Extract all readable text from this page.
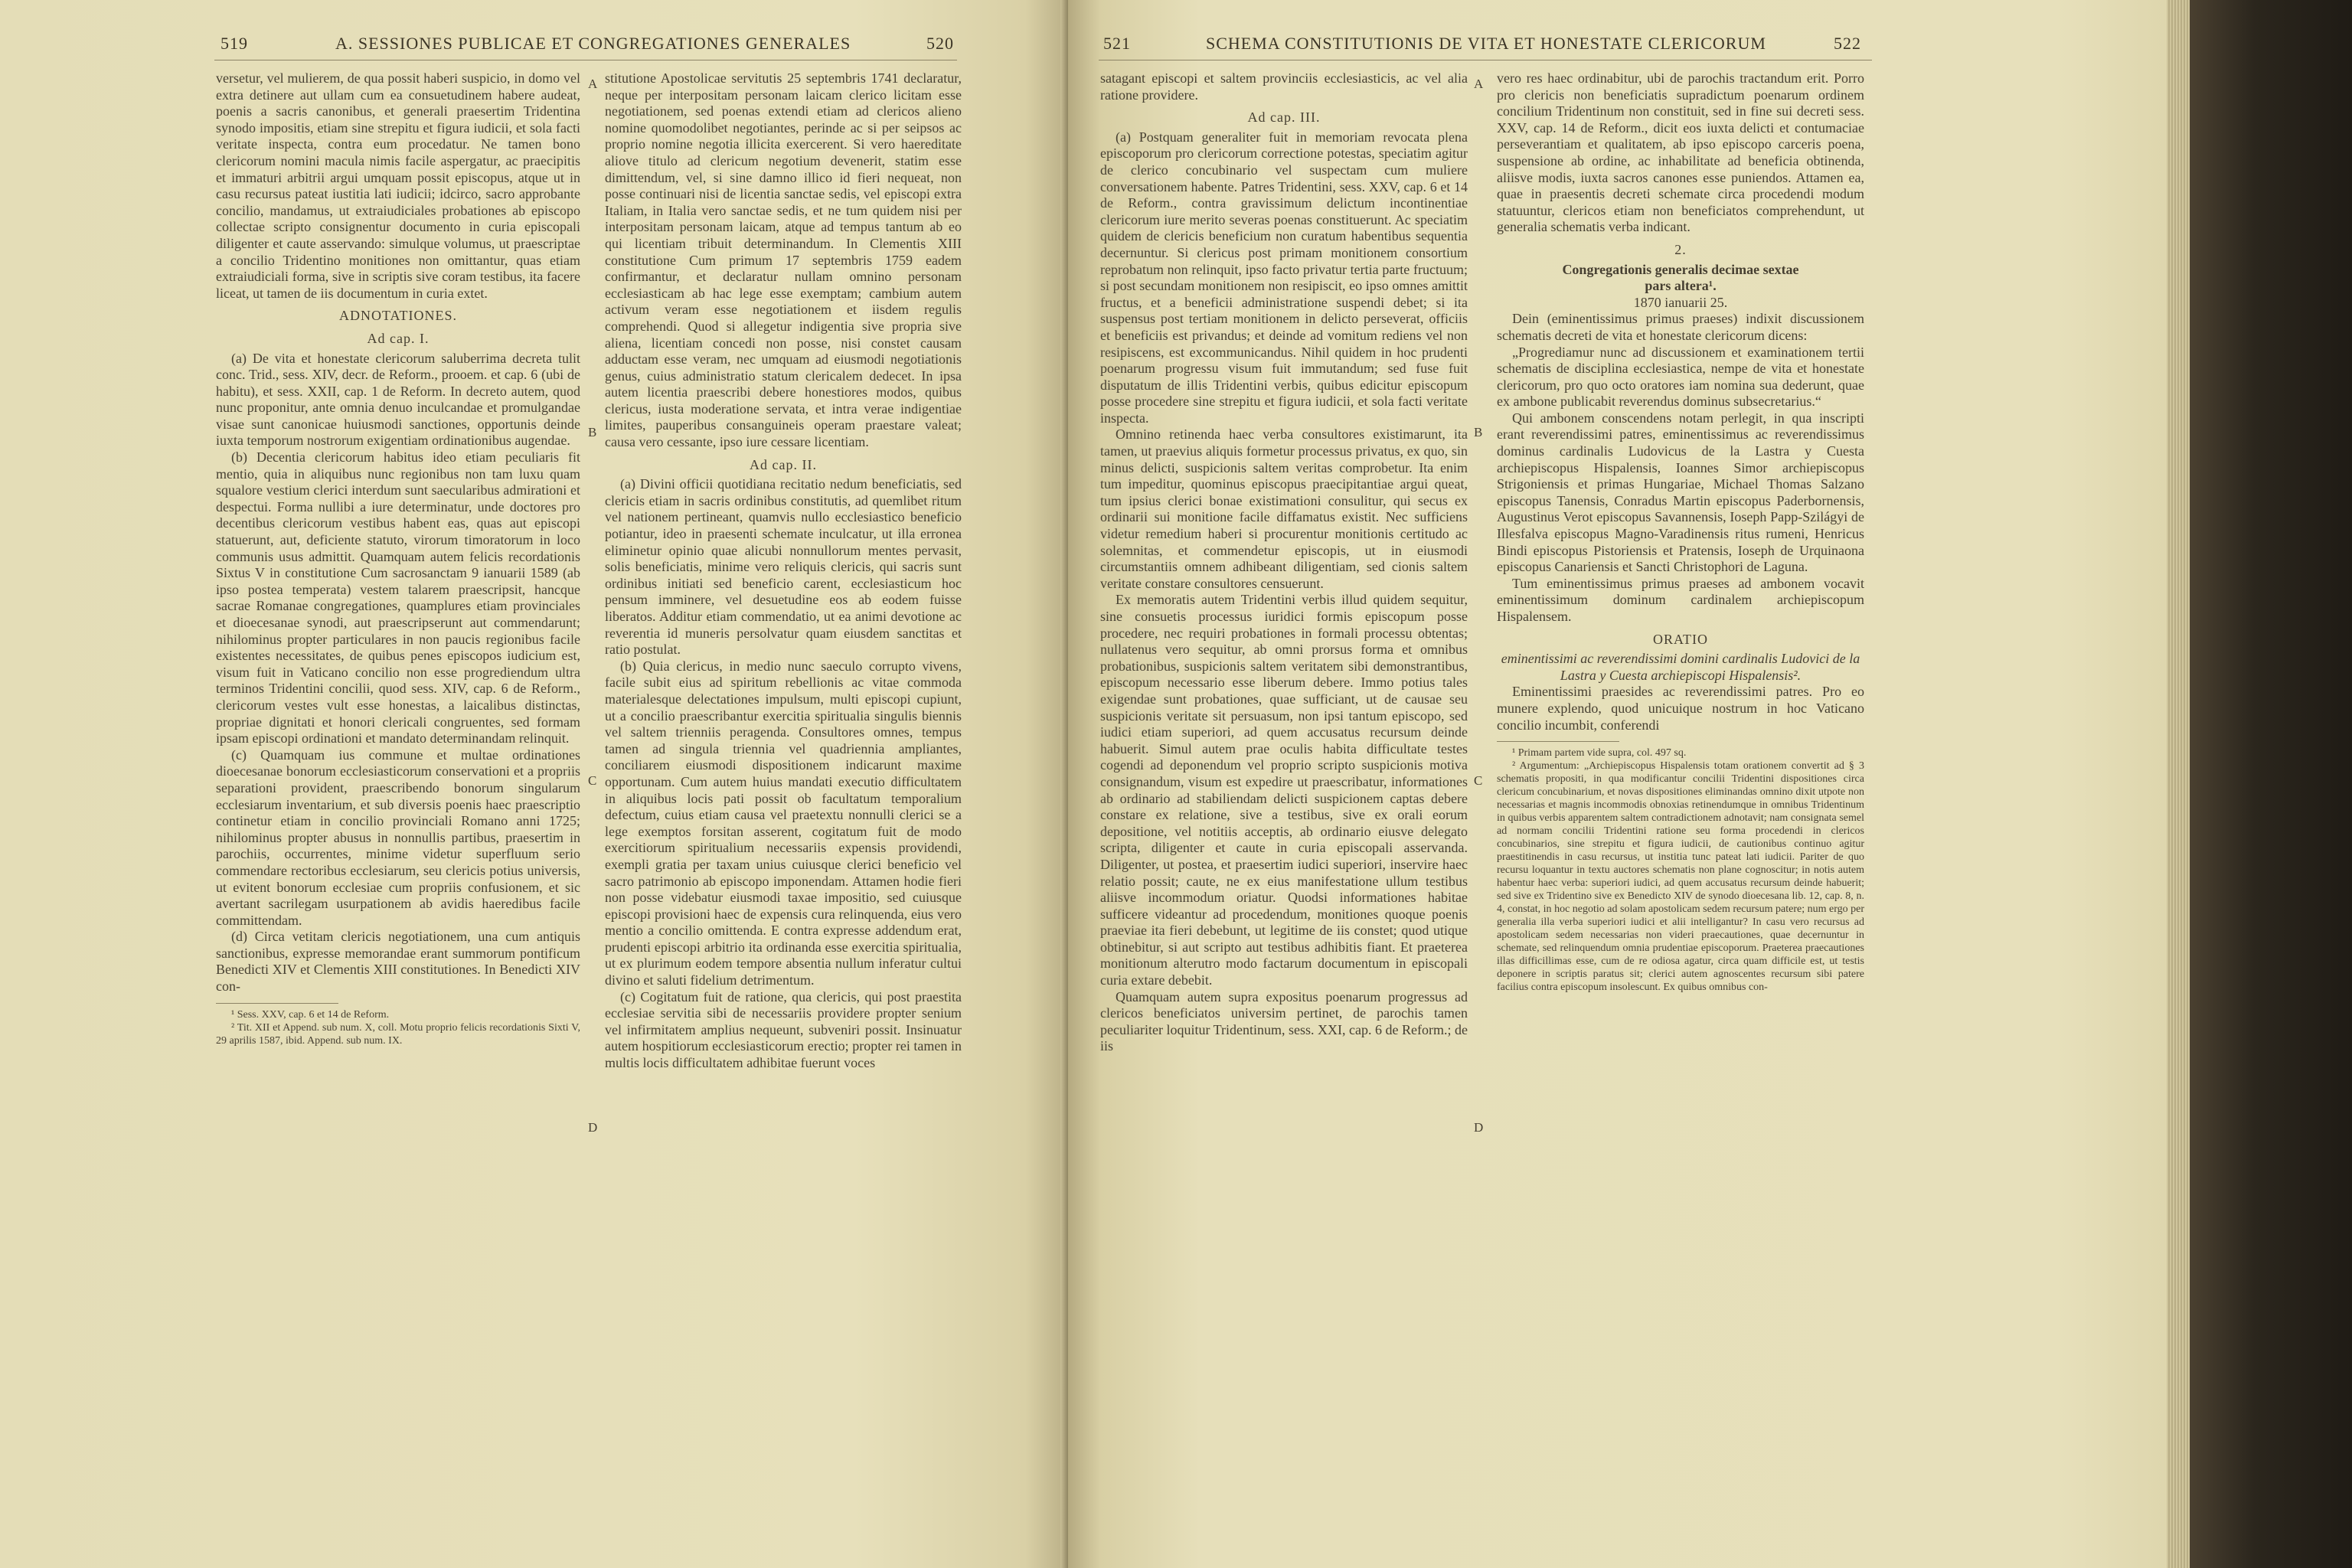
519	A. SESSIONES PUBLICAE ET CONGREGATIONES GENERALES	520

versetur, vel mulierem, de qua possit haberi suspicio, in domo vel extra detinere aut ullam cum ea consuetudinem habere audeat, poenis a sacris canonibus, et generali praesertim Tridentina synodo impositis, etiam sine strepitu et figura iudicii, et sola facti veritate inspecta, contra eum procedatur. Ne tamen bono clericorum nomini macula nimis facile aspergatur, ac praecipitis et immaturi arbitrii argui umquam possit episcopus, atque ut in casu recursus pateat iustitia lati iudicii; idcirco, sacro approbante concilio, mandamus, ut extraiudiciales probationes ab episcopo collectae scripto consignentur documento in curia episcopali diligenter et caute asservando: simulque volumus, ut praescriptae a concilio Tridentino monitiones non omittantur, quas etiam extraiudiciali forma, sive in scriptis sive coram testibus, ita facere liceat, ut tamen de iis documentum in curia extet.

ADNOTATIONES.
Ad cap. I.

(a) De vita et honestate clericorum saluberrima decreta tulit conc. Trid., sess. XIV, decr. de Reform., prooem. et cap. 6 (ubi de habitu), et sess. XXII, cap. 1 de Reform. In decreto autem, quod nunc proponitur, ante omnia denuo inculcandae et promulgandae visae sunt canonicae huiusmodi sanctiones, opportunis deinde iuxta temporum nostrorum exigentiam ordinationibus augendae.

(b) Decentia clericorum habitus ideo etiam peculiaris fit mentio, quia in aliquibus nunc regionibus non tam luxu quam squalore vestium clerici interdum sunt saecularibus admirationi et despectui. Forma nullibi a iure determinatur, unde doctores pro decentibus clericorum vestibus habent eas, quas aut episcopi statuerunt, aut, deficiente statuto, virorum timoratorum in loco communis usus admittit. Quamquam autem felicis recordationis Sixtus V in constitutione Cum sacrosanctam 9 ianuarii 1589 (ab ipso postea temperata) vestem talarem praescripsit, hancque sacrae Romanae congregationes, quamplures etiam provinciales et dioecesanae synodi, aut praescripserunt aut commendarunt; nihilominus propter particulares in non paucis regionibus facile existentes necessitates, de quibus penes episcopos iudicium est, visum fuit in Vaticano concilio non esse progrediendum ultra terminos Tridentini concilii, quod sess. XIV, cap. 6 de Reform., clericorum vestes vult esse honestas, a laicalibus distinctas, propriae dignitati et honori clericali congruentes, sed formam ipsam episcopi ordinationi et mandato determinandam relinquit.

(c) Quamquam ius commune et multae ordinationes dioecesanae bonorum ecclesiasticorum conservationi et a propriis separationi provident, praescribendo bonorum singularum ecclesiarum inventarium, et sub diversis poenis haec praescriptio continetur etiam in concilio provinciali Romano anni 1725; nihilominus propter abusus in nonnullis partibus, praesertim in parochiis, occurrentes, minime videtur superfluum serio commendare rectoribus ecclesiarum, seu clericis potius universis, ut evitent bonorum ecclesiae cum propriis confusionem, et sic avertant sacrilegam usurpationem ab avidis haeredibus facile committendam.

(d) Circa vetitam clericis negotiationem, una cum antiquis sanctionibus, expresse memorandae erant summorum pontificum Benedicti XIV et Clementis XIII constitutiones. In Benedicti XIV con-

¹ Sess. XXV, cap. 6 et 14 de Reform.

² Tit. XII et Append. sub num. X, coll. Motu proprio felicis recordationis Sixti V, 29 aprilis 1587, ibid. Append. sub num. IX.

stitutione Apostolicae servitutis 25 septembris 1741 declaratur, neque per interpositam personam laicam clerico licitam esse negotiationem, sed poenas extendi etiam ad clericos alieno nomine quomodolibet negotiantes, perinde ac si per seipsos ac proprio nomine negotia illicita exercerent. Si vero haereditate aliove titulo ad clericum negotium devenerit, statim esse dimittendum, vel, si sine damno illico id fieri nequeat, non posse continuari nisi de licentia sanctae sedis, vel episcopi extra Italiam, in Italia vero sanctae sedis, et ne tum quidem nisi per interpositam personam laicam, atque ad tempus tantum ab eo qui licentiam tribuit determinandum. In Clementis XIII constitutione Cum primum 17 septembris 1759 eadem confirmantur, et declaratur nullam omnino personam ecclesiasticam ab hac lege esse exemptam; cambium autem activum veram esse negotiationem et iisdem regulis comprehendi. Quod si allegetur indigentia sive propria sive aliena, licentiam concedi non posse, nisi constet causam adductam esse veram, nec umquam ad eiusmodi negotiationis genus, cuius administratio statum clericalem dedecet. In ipsa autem licentia praescribi debere honestiores modos, quibus clericus, iusta moderatione servata, et intra verae indigentiae limites, pauperibus consanguineis operam praestare valeat; causa vero cessante, ipso iure cessare licentiam.

Ad cap. II.

(a) Divini officii quotidiana recitatio nedum beneficiatis, sed clericis etiam in sacris ordinibus constitutis, ad quemlibet ritum vel nationem pertineant, quamvis nullo ecclesiastico beneficio potiantur, ideo in praesenti schemate inculcatur, ut illa erronea eliminetur opinio quae alicubi nonnullorum mentes pervasit, solis beneficiatis, minime vero reliquis clericis, qui sacris sunt ordinibus initiati sed beneficio carent, ecclesiasticum hoc pensum imminere, vel desuetudine eos ab eodem fuisse liberatos. Additur etiam commendatio, ut ea animi devotione ac reverentia id muneris persolvatur quam eiusdem sanctitas et ratio postulat.

(b) Quia clericus, in medio nunc saeculo corrupto vivens, facile subit eius ad spiritum rebellionis ac vitae commoda materialesque delectationes impulsum, multi episcopi cupiunt, ut a concilio praescribantur exercitia spiritualia singulis biennis vel saltem trienniis peragenda. Consultores omnes, tempus tamen ad singula triennia vel quadriennia ampliantes, conciliarem eiusmodi dispositionem indicarunt maxime opportunam. Cum autem huius mandati executio difficultatem in aliquibus locis pati possit ob facultatum temporalium defectum, cuius etiam causa vel praetextu nonnulli clerici se a lege exemptos forsitan asserent, cogitatum fuit de modo exercitiorum spiritualium necessariis expensis providendi, exempli gratia per taxam unius cuiusque clerici beneficio vel sacro patrimonio ab episcopo imponendam. Attamen hodie fieri non posse videbatur eiusmodi taxae impositio, sed cuiusque episcopi provisioni haec de expensis cura relinquenda, eius vero mentio a concilio omittenda. E contra expresse addendum erat, prudenti episcopi arbitrio ita ordinanda esse exercitia spiritualia, ut ex plurimum eodem tempore absentia nullum inferatur cultui divino et saluti fidelium detrimentum.

(c) Cogitatum fuit de ratione, qua clericis, qui post praestita ecclesiae servitia sibi de necessariis providere propter senium vel infirmitatem amplius nequeunt, subveniri possit. Insinuatur autem hospitiorum ecclesiasticorum erectio; propter rei tamen in multis locis difficultatem adhibitae fuerunt voces

A
B
C
D
521	SCHEMA CONSTITUTIONIS DE VITA ET HONESTATE CLERICORUM	522

satagant episcopi et saltem provinciis ecclesiasticis, ac vel alia ratione providere.

Ad cap. III.

(a) Postquam generaliter fuit in memoriam revocata plena episcoporum pro clericorum correctione potestas, speciatim agitur de clerico concubinario vel suspectam cum muliere conversationem habente. Patres Tridentini, sess. XXV, cap. 6 et 14 de Reform., contra gravissimum delictum incontinentiae clericorum iure merito severas poenas constituerunt. Ac speciatim quidem de clericis beneficium non curatum habentibus sequentia decernuntur. Si clericus post primam monitionem consortium reprobatum non relinquit, ipso facto privatur tertia parte fructuum; si post secundam monitionem non resipiscit, eo ipso omnes amittit fructus, et a beneficii administratione suspendi debet; si ita suspensus post tertiam monitionem in delicto perseverat, officiis et beneficiis est privandus; et deinde ad vomitum rediens vel non resipiscens, est excommunicandus. Nihil quidem in hoc prudenti poenarum progressu visum fuit immutandum; sed fuse fuit disputatum de illis Tridentini verbis, quibus edicitur episcopum posse procedere sine strepitu et figura iudicii, et sola facti veritate inspecta.

Omnino retinenda haec verba consultores existimarunt, ita tamen, ut praevius aliquis formetur processus privatus, ex quo, sin minus delicti, suspicionis saltem veritas comprobetur. Ita enim tum impeditur, quominus episcopus praecipitantiae argui queat, tum ipsius clerici bonae existimationi consulitur, qui secus ex ordinarii sui monitione facile diffamatus existit. Nec sufficiens videtur remedium haberi si procurentur monitionis certitudo ac solemnitas, et commendetur episcopis, ut in eiusmodi circumstantiis omnem adhibeant diligentiam, sed cionis saltem veritate constare consultores censuerunt.

Ex memoratis autem Tridentini verbis illud quidem sequitur, sine consuetis processus iuridici formis episcopum posse procedere, nec requiri probationes in formali processu obtentas; nullatenus vero sequitur, ab omni prorsus forma et omnibus probationibus, suspicionis saltem veritatem sibi demonstrantibus, episcopum necessario esse liberum debere. Immo potius tales exigendae sunt probationes, quae sufficiant, ut de causae seu suspicionis veritate sit persuasum, non ipsi tantum episcopo, sed iudici etiam superiori, ad quem accusatus recursum deinde habuerit. Simul autem prae oculis habita difficultate testes cogendi ad deponendum vel proprio scripto suspicionis motiva consignandum, visum est expedire ut praescribatur, informationes ab ordinario ad stabiliendam delicti suspicionem captas debere constare ex relatione, sive a testibus, sive ex orali eorum depositione, vel notitiis acceptis, ab ordinario eiusve delegato scripta, diligenter et caute in curia episcopali asservanda. Diligenter, ut postea, et praesertim iudici superiori, inservire haec relatio possit; caute, ne ex eius manifestatione ullum testibus aliisve incommodum oriatur. Quodsi informationes habitae sufficere videantur ad procedendum, monitiones quoque poenis praeviae ita fieri debebunt, ut legitime de iis constet; quod utique obtinebitur, si aut scripto aut testibus adhibitis fiant. Et praeterea monitionum alterutro modo factarum documentum in episcopali curia extare debebit.

Quamquam autem supra expositus poenarum progressus ad clericos beneficiatos universim pertinet, de parochis tamen peculiariter loquitur Tridentinum, sess. XXI, cap. 6 de Reform.; de iis

vero res haec ordinabitur, ubi de parochis tractandum erit. Porro pro clericis non beneficiatis supradictum poenarum ordinem concilium Tridentinum non constituit, sed in fine sui decreti sess. XXV, cap. 14 de Reform., dicit eos iuxta delicti et contumaciae perseverantiam et qualitatem, ab ipso episcopo carceris poena, suspensione ab ordine, ac inhabilitate ad beneficia obtinenda, aliisve modis, iuxta sacros canones esse puniendos. Attamen ea, quae in praesentis decreti schemate circa procedendi modum statuuntur, clericos etiam non beneficiatos comprehendunt, ut generalia schematis verba indicant.

2.

Congregationis generalis decimae sextae

pars altera¹.

1870 ianuarii 25.

Dein (eminentissimus primus praeses) indixit discussionem schematis decreti de vita et honestate clericorum dicens:

„Progrediamur nunc ad discussionem et examinationem tertii schematis de disciplina ecclesiastica, nempe de vita et honestate clericorum, pro quo octo oratores iam nomina sua dederunt, quae ex ambone publicabit reverendus dominus subsecretarius.“

Qui ambonem conscendens notam perlegit, in qua inscripti erant reverendissimi patres, eminentissimus ac reverendissimus dominus cardinalis Ludovicus de la Lastra y Cuesta archiepiscopus Hispalensis, Ioannes Simor archiepiscopus Strigoniensis et primas Hungariae, Michael Thomas Salzano episcopus Tanensis, Conradus Martin episcopus Paderbornensis, Augustinus Verot episcopus Savannensis, Ioseph Papp-Szilágyi de Illesfalva episcopus Magno-Varadinensis ritus rumeni, Henricus Bindi episcopus Pistoriensis et Pratensis, Ioseph de Urquinaona episcopus Canariensis et Sancti Christophori de Laguna.

Tum eminentissimus primus praeses ad ambonem vocavit eminentissimum dominum cardinalem archiepiscopum Hispalensem.

ORATIO

eminentissimi ac reverendissimi domini cardinalis Ludovici de la Lastra y Cuesta archiepiscopi Hispalensis².

Eminentissimi praesides ac reverendissimi patres. Pro eo munere explendo, quod unicuique nostrum in hoc Vaticano concilio incumbit, conferendi

¹ Primam partem vide supra, col. 497 sq.

² Argumentum: „Archiepiscopus Hispalensis totam orationem convertit ad § 3 schematis propositi, in qua modificantur concilii Tridentini dispositiones circa clericum concubinarium, et novas dispositiones eliminandas omnino dixit utpote non necessarias et magnis incommodis obnoxias retinendumque in omnibus Tridentinum in quibus verbis apparentem saltem contradictionem adnotavit; nam consignata semel ad normam concilii Tridentini ratione seu forma procedendi in clericos concubinarios, sine strepitu et figura iudicii, de cautionibus continuo agitur praestitinendis in casu recursus, ut institia tunc pateat lati iudicii. Pariter de quo recursu loquantur in textu auctores schematis non plane cognoscitur; in notis autem habentur haec verba: superiori iudici, ad quem accusatus recursum deinde habuerit; sed sive ex Tridentino sive ex Benedicto XIV de synodo dioecesana lib. 12, cap. 8, n. 4, constat, in hoc negotio ad solam apostolicam sedem recursum patere; num ergo per generalia illa verba superiori iudici et alii intelligantur? In casu vero recursus ad apostolicam sedem necessarias non videri praecautiones, quae decernuntur in schemate, sed relinquendum omnia prudentiae episcoporum. Praeterea praecautiones illas difficillimas esse, cum de re odiosa agatur, circa quam difficile est, ut testis deponere in scriptis paratus sit; clerici autem agnoscentes recursum sibi patere facilius contra episcopum insolescunt. Ex quibus omnibus con-

A
B
C
D
